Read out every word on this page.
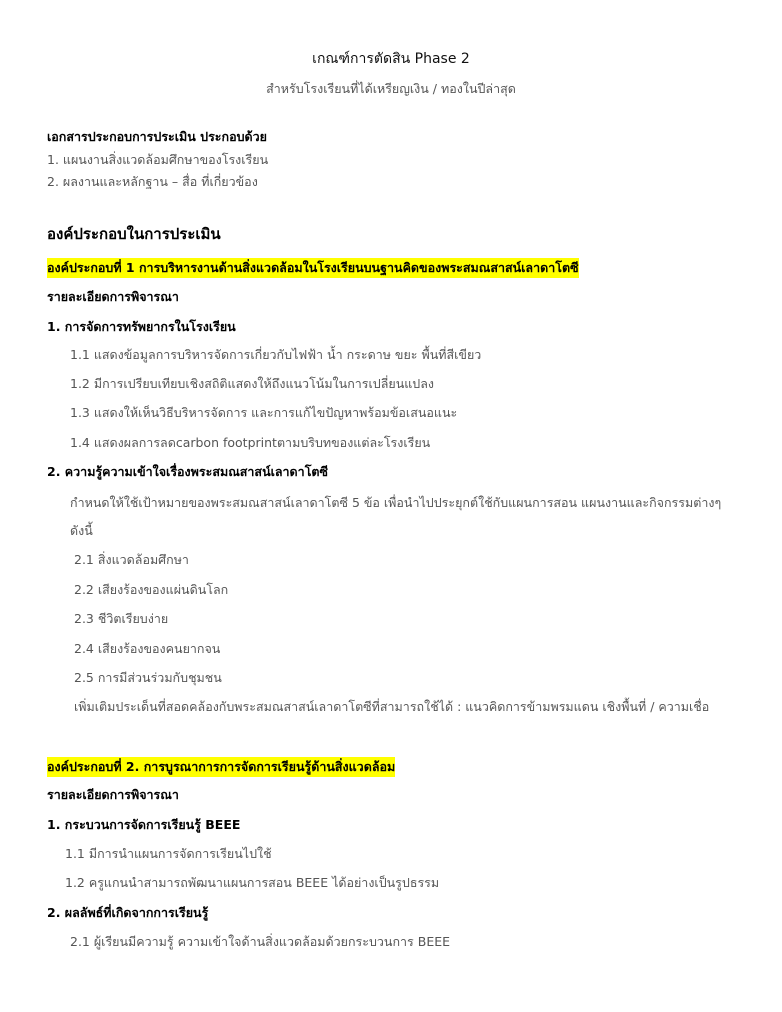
เกณฑ์การตัดสิน Phase 2
สำหรับโรงเรียนที่ได้เหรียญเงิน / ทองในปีล่าสุด
เอกสารประกอบการประเมิน ประกอบด้วย
1. แผนงานสิ่งแวดล้อมศึกษาของโรงเรียน
2. ผลงานและหลักฐาน – สื่อ ที่เกี่ยวข้อง
องค์ประกอบในการประเมิน
องค์ประกอบที่ 1 การบริหารงานด้านสิ่งแวดล้อมในโรงเรียนบนฐานคิดของพระสมณสาสน์เลาดาโตซี
รายละเอียดการพิจารณา
1. การจัดการทรัพยากรในโรงเรียน
1.1 แสดงข้อมูลการบริหารจัดการเกี่ยวกับไฟฟ้า น้ำ กระดาษ ขยะ พื้นที่สีเขียว
1.2 มีการเปรียบเทียบเชิงสถิติแสดงให้ถึงแนวโน้มในการเปลี่ยนแปลง
1.3 แสดงให้เห็นวิธีบริหารจัดการ และการแก้ไขปัญหาพร้อมข้อเสนอแนะ
1.4 แสดงผลการลดcarbon footprintตามบริบทของแต่ละโรงเรียน
2. ความรู้ความเข้าใจเรื่องพระสมณสาสน์เลาดาโตซี
กำหนดให้ใช้เป้าหมายของพระสมณสาสน์เลาดาโตซี 5 ข้อ เพื่อนำไปประยุกต์ใช้กับแผนการสอน แผนงานและกิจกรรมต่างๆ
ดังนี้
2.1 สิ่งแวดล้อมศึกษา
2.2 เสียงร้องของแผ่นดินโลก
2.3 ชีวิตเรียบง่าย
2.4 เสียงร้องของคนยากจน
2.5 การมีส่วนร่วมกับชุมชน
เพิ่มเติมประเด็นที่สอดคล้องกับพระสมณสาสน์เลาดาโตซีที่สามารถใช้ได้ : แนวคิดการข้ามพรมแดน เชิงพื้นที่ / ความเชื่อ
องค์ประกอบที่ 2. การบูรณาการการจัดการเรียนรู้ด้านสิ่งแวดล้อม
รายละเอียดการพิจารณา
1. กระบวนการจัดการเรียนรู้ BEEE
1.1 มีการนำแผนการจัดการเรียนไปใช้
1.2 ครูแกนนำสามารถพัฒนาแผนการสอน BEEE ได้อย่างเป็นรูปธรรม
2. ผลลัพธ์ที่เกิดจากการเรียนรู้
2.1 ผู้เรียนมีความรู้ ความเข้าใจด้านสิ่งแวดล้อมด้วยกระบวนการ BEEE
